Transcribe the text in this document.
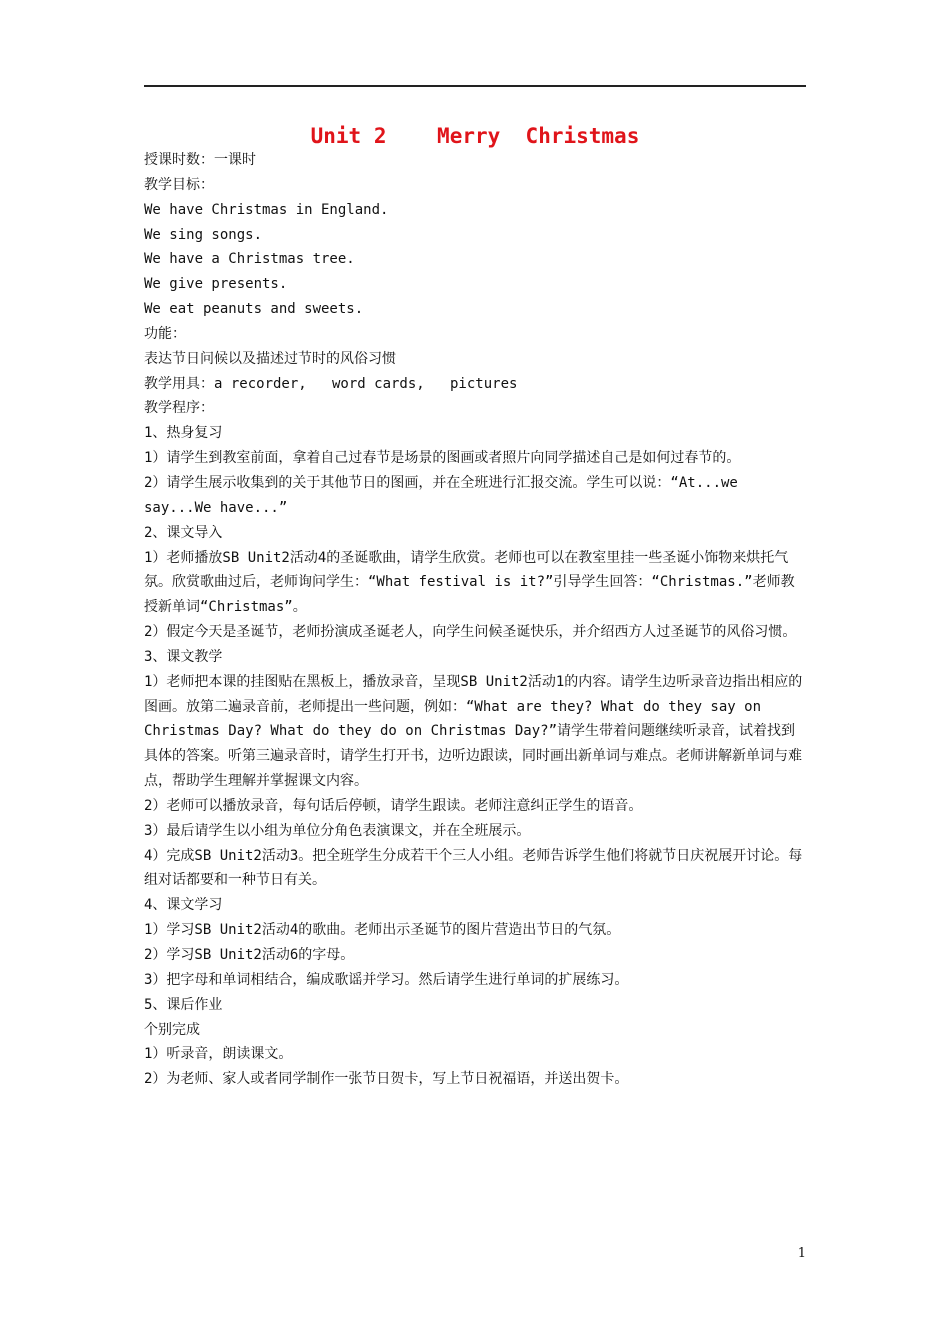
Unit 2    Merry  Christmas

授课时数：一课时

教学目标：

We have Christmas in England.

We sing songs.

We have a Christmas tree.

We give presents.

We eat peanuts and sweets.

功能：

表达节日问候以及描述过节时的风俗习惯

教学用具：a recorder,   word cards,   pictures

教学程序：

1、热身复习

1）请学生到教室前面，拿着自己过春节是场景的图画或者照片向同学描述自己是如何过春节的。

2）请学生展示收集到的关于其他节日的图画，并在全班进行汇报交流。学生可以说：“At...we say...We have...”

2、课文导入

1）老师播放SB Unit2活动4的圣诞歌曲，请学生欣赏。老师也可以在教室里挂一些圣诞小饰物来烘托气氛。欣赏歌曲过后，老师询问学生：“What festival is it?”引导学生回答：“Christmas.”老师教授新单词“Christmas”。

2）假定今天是圣诞节，老师扮演成圣诞老人，向学生问候圣诞快乐，并介绍西方人过圣诞节的风俗习惯。

3、课文教学

1）老师把本课的挂图贴在黑板上，播放录音，呈现SB Unit2活动1的内容。请学生边听录音边指出相应的图画。放第二遍录音前，老师提出一些问题，例如：“What are they? What do they say on Christmas Day? What do they do on Christmas Day?”请学生带着问题继续听录音，试着找到具体的答案。听第三遍录音时，请学生打开书，边听边跟读，同时画出新单词与难点。老师讲解新单词与难点，帮助学生理解并掌握课文内容。

2）老师可以播放录音，每句话后停顿，请学生跟读。老师注意纠正学生的语音。

3）最后请学生以小组为单位分角色表演课文，并在全班展示。

4）完成SB Unit2活动3。把全班学生分成若干个三人小组。老师告诉学生他们将就节日庆祝展开讨论。每组对话都要和一种节日有关。

4、课文学习

1）学习SB Unit2活动4的歌曲。老师出示圣诞节的图片营造出节日的气氛。

2）学习SB Unit2活动6的字母。

3）把字母和单词相结合，编成歌谣并学习。然后请学生进行单词的扩展练习。

5、课后作业

个别完成

1）听录音，朗读课文。

2）为老师、家人或者同学制作一张节日贺卡，写上节日祝福语，并送出贺卡。

1
